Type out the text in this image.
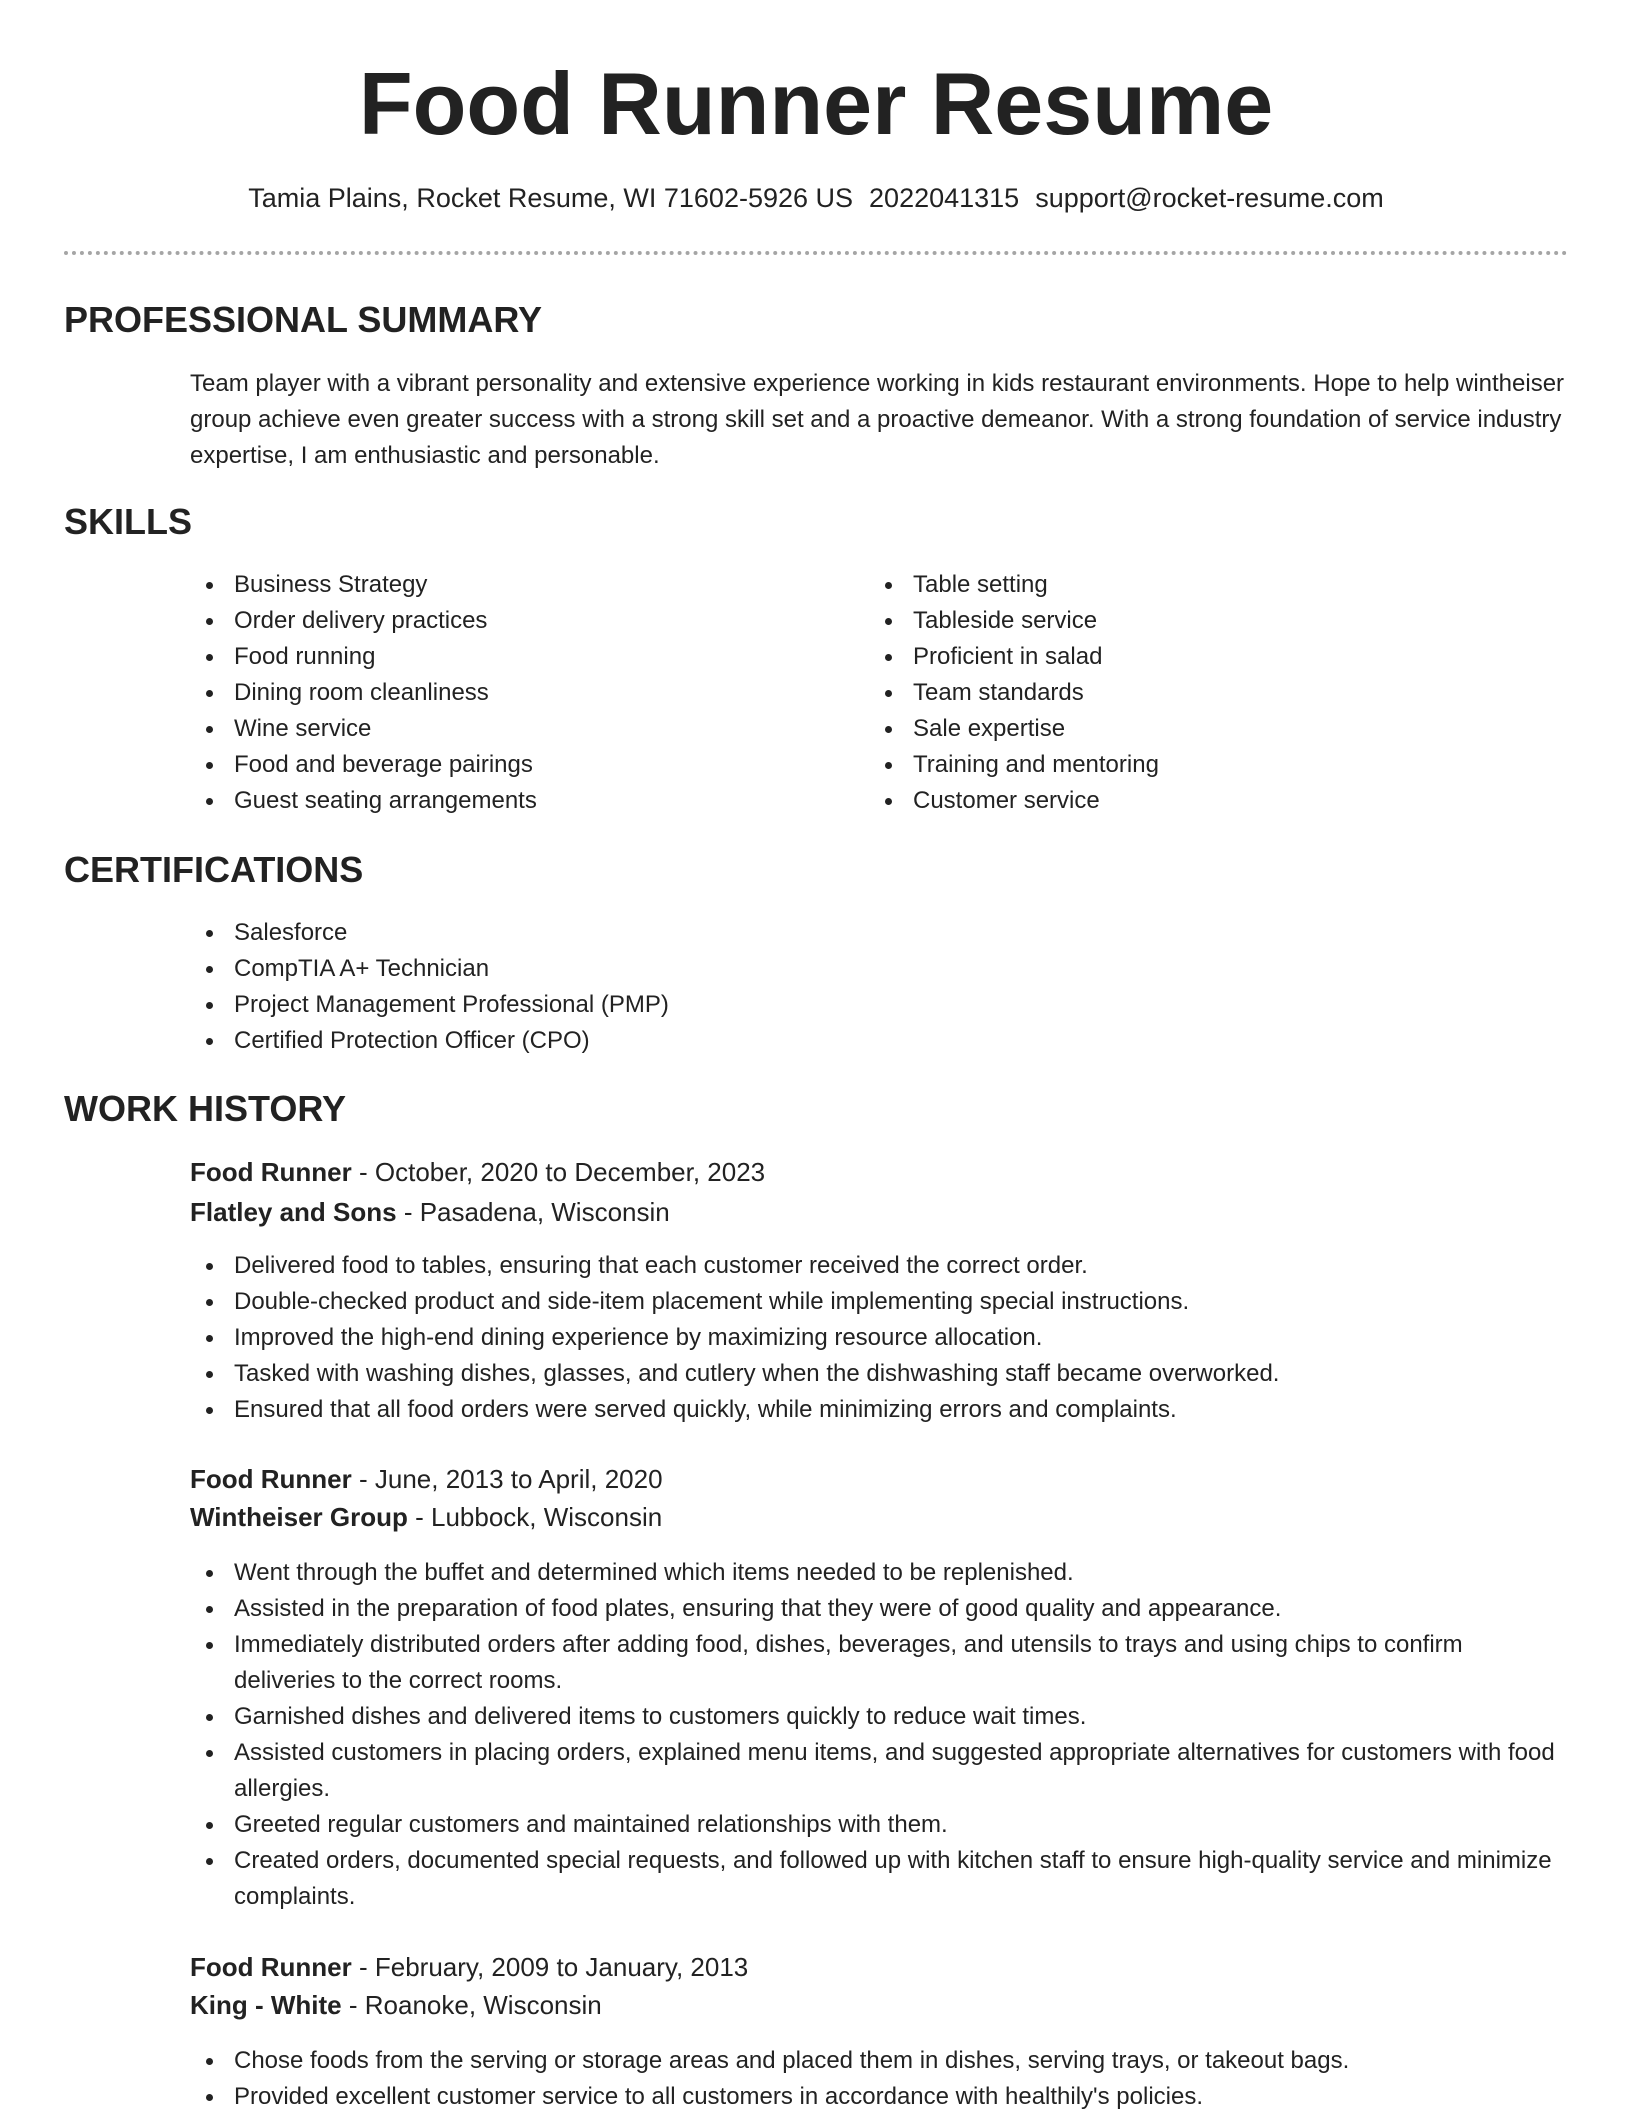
Food Runner Resume
Tamia Plains, Rocket Resume, WI 71602-5926 US 2022041315 support@rocket-resume.com
PROFESSIONAL SUMMARY

Team player with a vibrant personality and extensive experience working in kids restaurant environments. Hope to help wintheiser group achieve even greater success with a strong skill set and a proactive demeanor. With a strong foundation of service industry expertise, I am enthusiastic and personable.

SKILLS
Business Strategy
Order delivery practices
Food running
Dining room cleanliness
Wine service
Food and beverage pairings
Guest seating arrangements
Table setting
Tableside service
Proficient in salad
Team standards
Sale expertise
Training and mentoring
Customer service
CERTIFICATIONS
Salesforce
CompTIA A+ Technician
Project Management Professional (PMP)
Certified Protection Officer (CPO)
WORK HISTORY
Food Runner - October, 2020 to December, 2023
Flatley and Sons - Pasadena, Wisconsin
Delivered food to tables, ensuring that each customer received the correct order.
Double-checked product and side-item placement while implementing special instructions.
Improved the high-end dining experience by maximizing resource allocation.
Tasked with washing dishes, glasses, and cutlery when the dishwashing staff became overworked.
Ensured that all food orders were served quickly, while minimizing errors and complaints.
Food Runner - June, 2013 to April, 2020
Wintheiser Group - Lubbock, Wisconsin
Went through the buffet and determined which items needed to be replenished.
Assisted in the preparation of food plates, ensuring that they were of good quality and appearance.
Immediately distributed orders after adding food, dishes, beverages, and utensils to trays and using chips to confirm deliveries to the correct rooms.
Garnished dishes and delivered items to customers quickly to reduce wait times.
Assisted customers in placing orders, explained menu items, and suggested appropriate alternatives for customers with food allergies.
Greeted regular customers and maintained relationships with them.
Created orders, documented special requests, and followed up with kitchen staff to ensure high-quality service and minimize complaints.
Food Runner - February, 2009 to January, 2013
King - White - Roanoke, Wisconsin
Chose foods from the serving or storage areas and placed them in dishes, serving trays, or takeout bags.
Provided excellent customer service to all customers in accordance with healthily's policies.
